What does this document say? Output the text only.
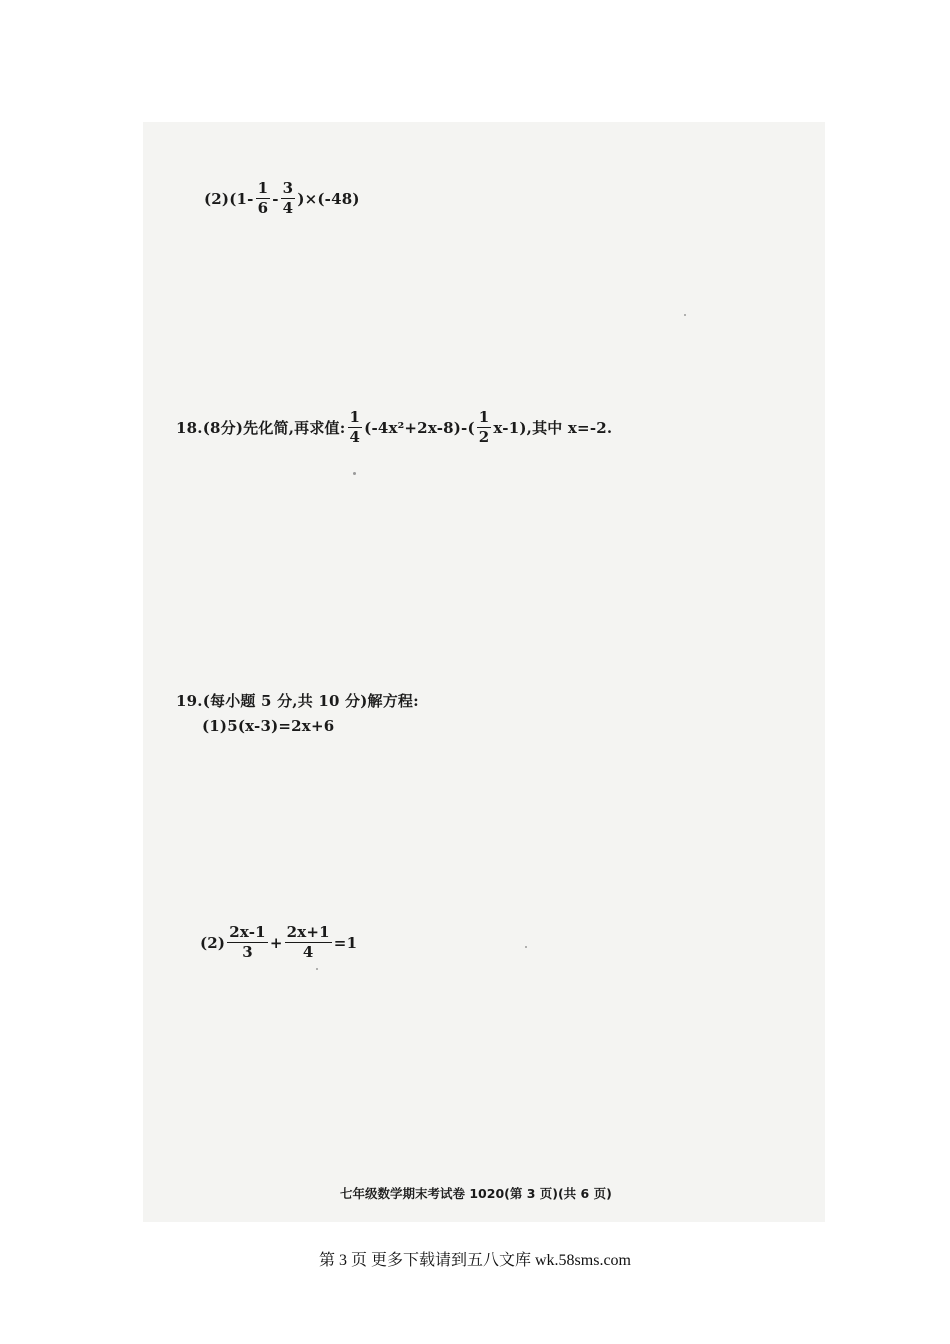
$(2)(1- \frac{1}{6} - \frac{3}{4} )\times(-48)$
18.(8分)先化简,再求值: $\frac{1}{4} (-4x^2+2x-8)-( \frac{1}{2} x-1)$,其中 x=-2.
19.(每小题 5 分,共 10 分)解方程:
(1)5(x-3)=2x+6
$(2) \frac{2x-1}{3} + \frac{2x+1}{4} =1$
七年级数学期末考试卷 1020(第 3 页)(共 6 页)
第 3 页 更多下载请到五八文库 wk.58sms.com
